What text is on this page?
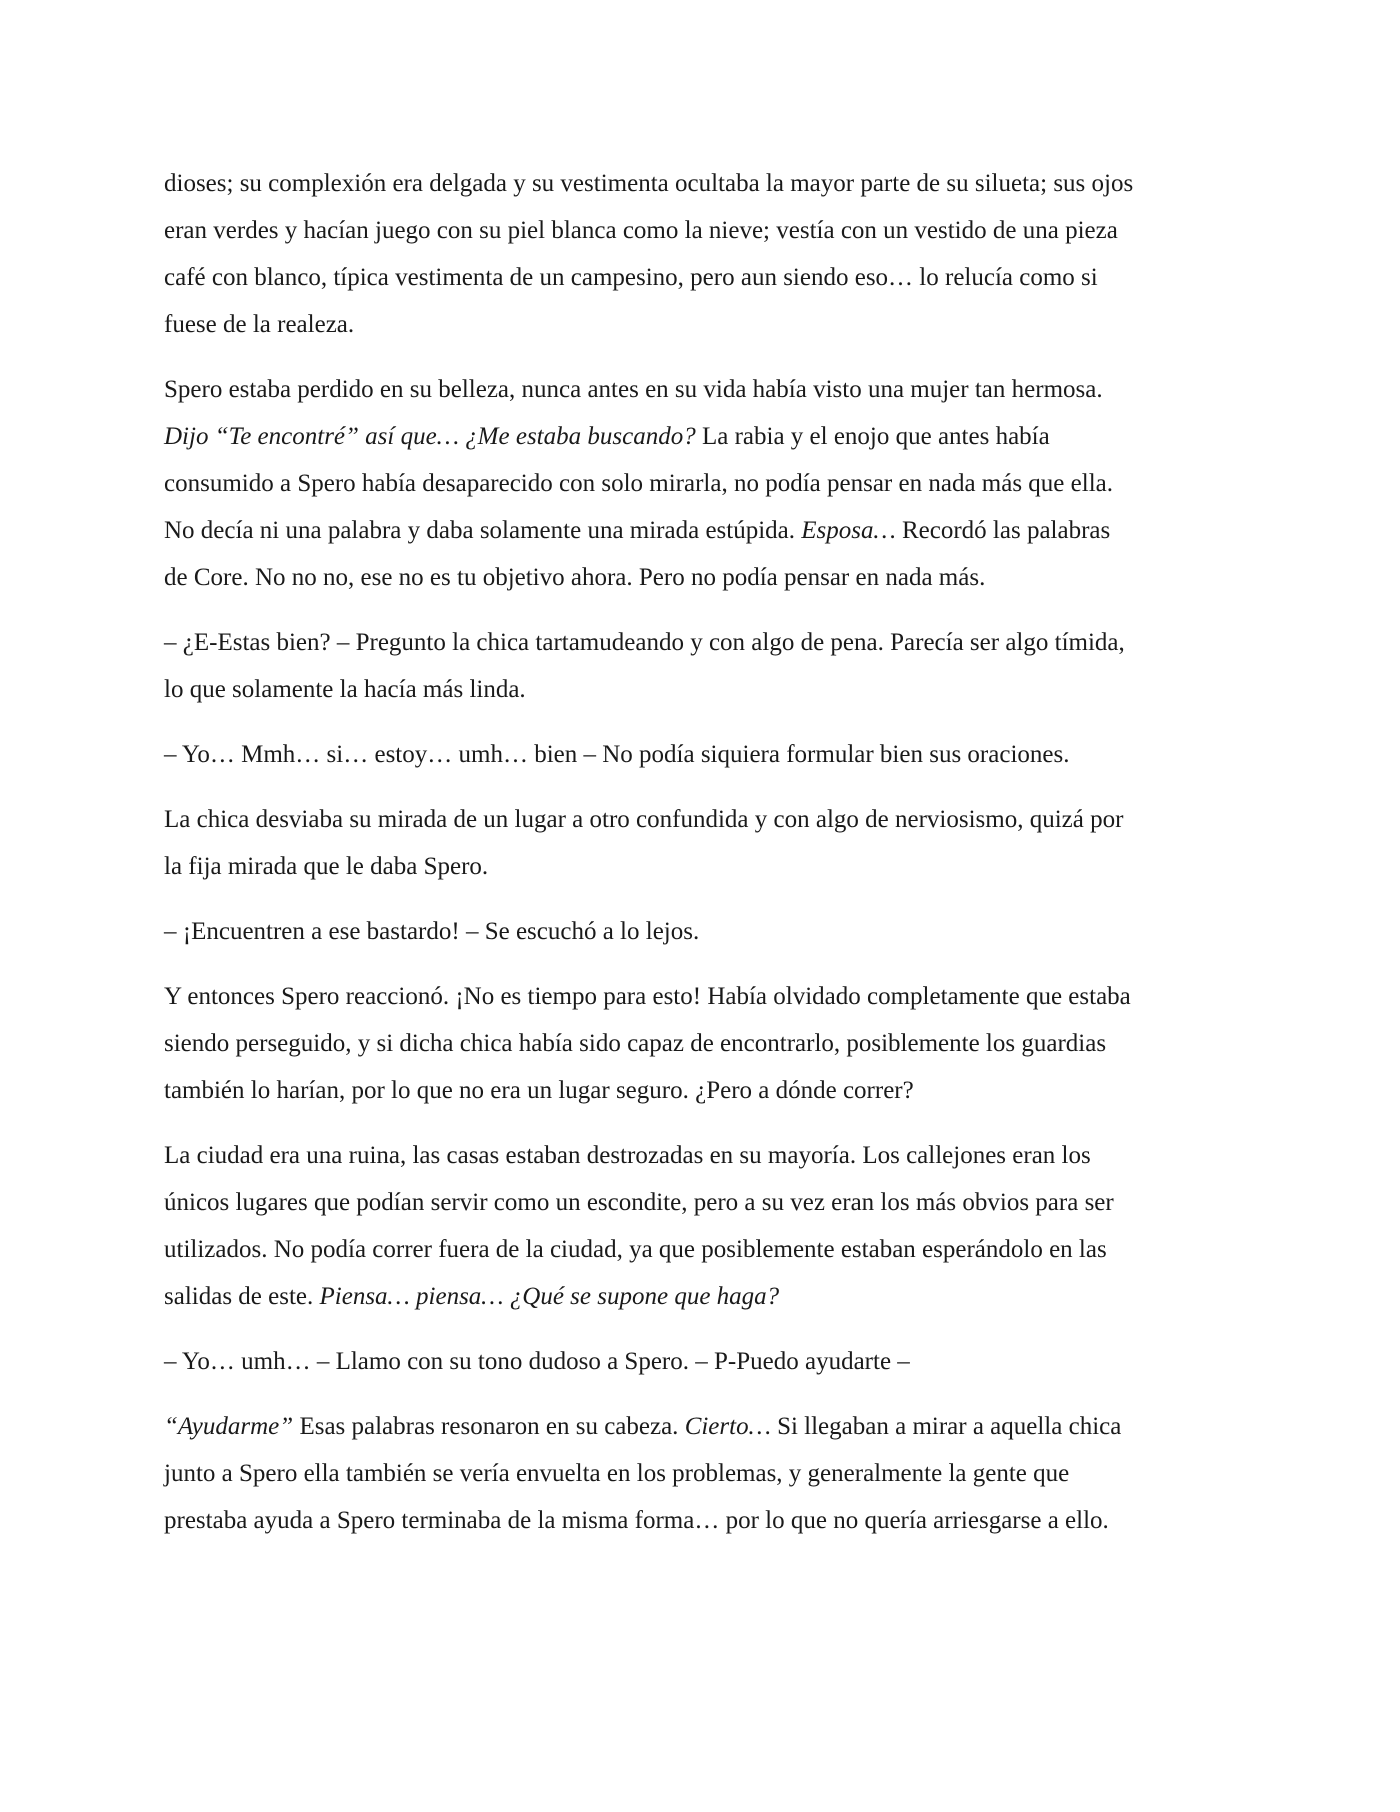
dioses; su complexión era delgada y su vestimenta ocultaba la mayor parte de su silueta; sus ojos
eran verdes y hacían juego con su piel blanca como la nieve; vestía con un vestido de una pieza
café con blanco, típica vestimenta de un campesino, pero aun siendo eso… lo relucía como si
fuese de la realeza.

Spero estaba perdido en su belleza, nunca antes en su vida había visto una mujer tan hermosa.
Dijo “Te encontré” así que… ¿Me estaba buscando? La rabia y el enojo que antes había
consumido a Spero había desaparecido con solo mirarla, no podía pensar en nada más que ella.
No decía ni una palabra y daba solamente una mirada estúpida. Esposa… Recordó las palabras
de Core. No no no, ese no es tu objetivo ahora. Pero no podía pensar en nada más.

– ¿E-Estas bien? – Pregunto la chica tartamudeando y con algo de pena. Parecía ser algo tímida,
lo que solamente la hacía más linda.

– Yo… Mmh… si… estoy… umh… bien – No podía siquiera formular bien sus oraciones.

La chica desviaba su mirada de un lugar a otro confundida y con algo de nerviosismo, quizá por
la fija mirada que le daba Spero.

– ¡Encuentren a ese bastardo! – Se escuchó a lo lejos.

Y entonces Spero reaccionó. ¡No es tiempo para esto! Había olvidado completamente que estaba
siendo perseguido, y si dicha chica había sido capaz de encontrarlo, posiblemente los guardias
también lo harían, por lo que no era un lugar seguro. ¿Pero a dónde correr?

La ciudad era una ruina, las casas estaban destrozadas en su mayoría. Los callejones eran los
únicos lugares que podían servir como un escondite, pero a su vez eran los más obvios para ser
utilizados. No podía correr fuera de la ciudad, ya que posiblemente estaban esperándolo en las
salidas de este. Piensa… piensa… ¿Qué se supone que haga?

– Yo… umh… – Llamo con su tono dudoso a Spero. – P-Puedo ayudarte –

“Ayudarme” Esas palabras resonaron en su cabeza. Cierto… Si llegaban a mirar a aquella chica
junto a Spero ella también se vería envuelta en los problemas, y generalmente la gente que
prestaba ayuda a Spero terminaba de la misma forma… por lo que no quería arriesgarse a ello.
